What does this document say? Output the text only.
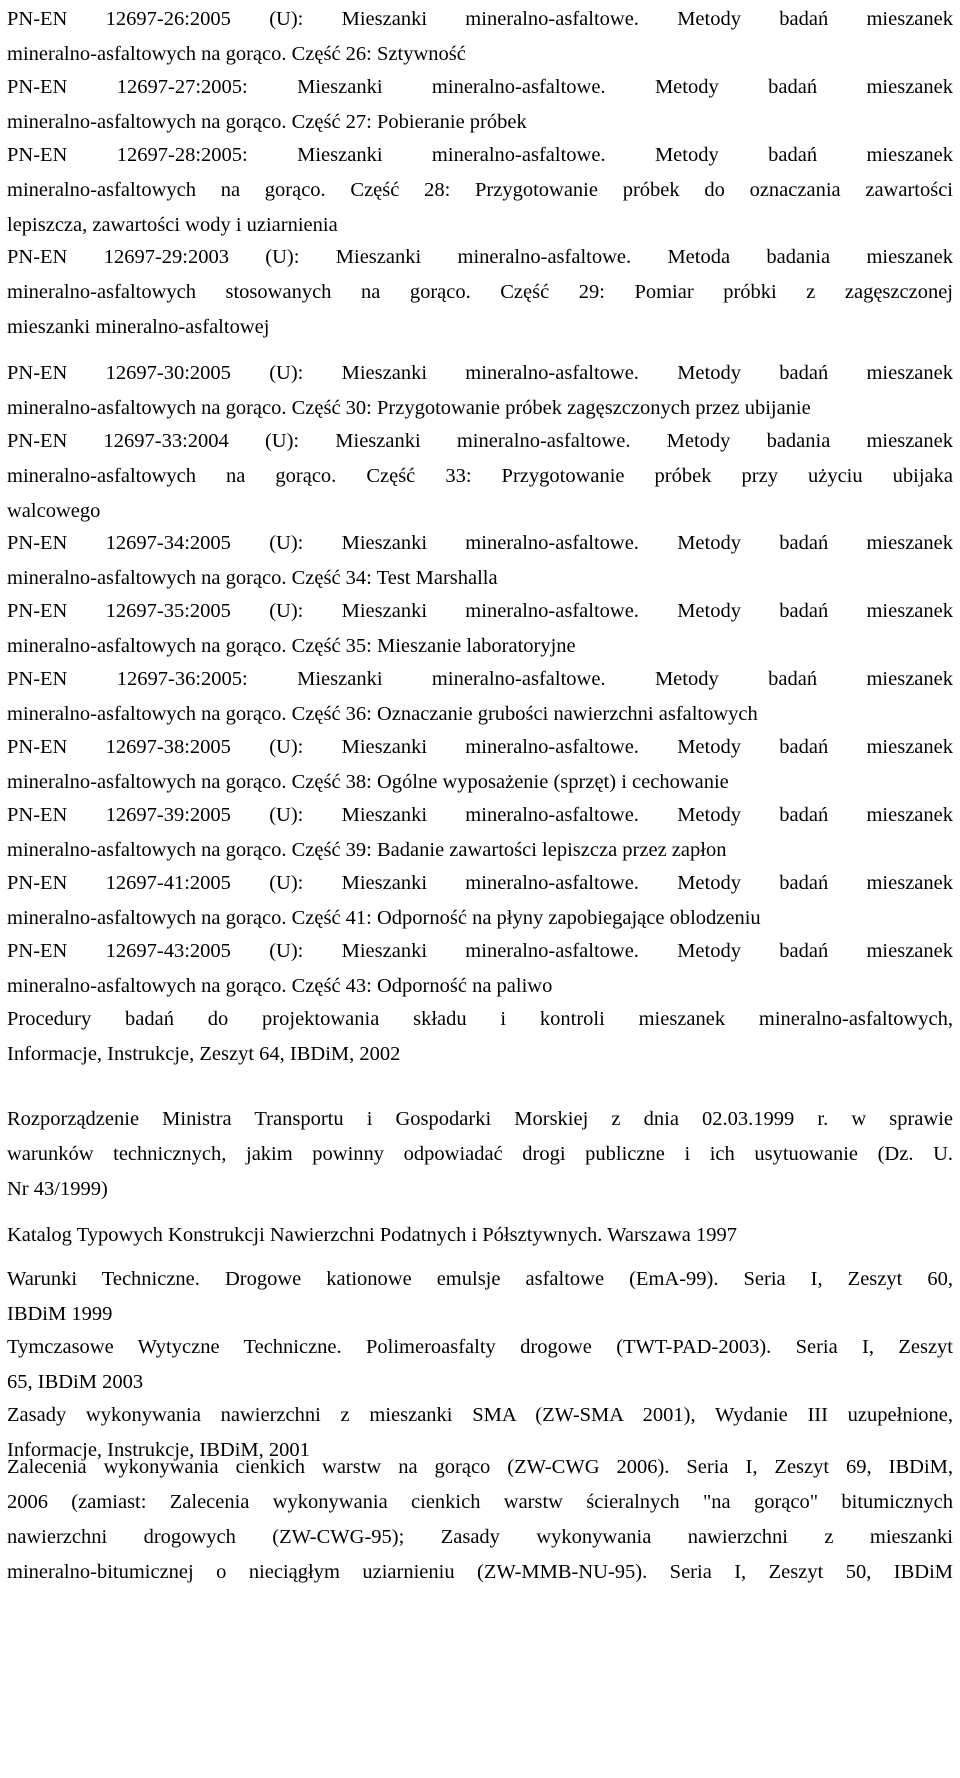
PN-EN 12697-26:2005 (U): Mieszanki mineralno-asfaltowe. Metody badań mieszanek
mineralno-asfaltowych na gorąco. Część 26: Sztywność
PN-EN 12697-27:2005: Mieszanki mineralno-asfaltowe. Metody badań mieszanek
mineralno-asfaltowych na gorąco. Część 27: Pobieranie próbek
PN-EN 12697-28:2005: Mieszanki mineralno-asfaltowe. Metody badań mieszanek
mineralno-asfaltowych na gorąco. Część 28: Przygotowanie próbek do oznaczania zawartości
lepiszcza, zawartości wody i uziarnienia
PN-EN 12697-29:2003 (U): Mieszanki mineralno-asfaltowe. Metoda badania mieszanek
mineralno-asfaltowych stosowanych na gorąco. Część 29: Pomiar próbki z zagęszczonej
mieszanki mineralno-asfaltowej
PN-EN 12697-30:2005 (U): Mieszanki mineralno-asfaltowe. Metody badań mieszanek
mineralno-asfaltowych na gorąco. Część 30: Przygotowanie próbek zagęszczonych przez ubijanie
PN-EN 12697-33:2004 (U): Mieszanki mineralno-asfaltowe. Metody badania mieszanek
mineralno-asfaltowych na gorąco. Część 33: Przygotowanie próbek przy użyciu ubijaka
walcowego
PN-EN 12697-34:2005 (U): Mieszanki mineralno-asfaltowe. Metody badań mieszanek
mineralno-asfaltowych na gorąco. Część 34: Test Marshalla
PN-EN 12697-35:2005 (U): Mieszanki mineralno-asfaltowe. Metody badań mieszanek
mineralno-asfaltowych na gorąco. Część 35: Mieszanie laboratoryjne
PN-EN 12697-36:2005: Mieszanki mineralno-asfaltowe. Metody badań mieszanek
mineralno-asfaltowych na gorąco. Część 36: Oznaczanie grubości nawierzchni asfaltowych
PN-EN 12697-38:2005 (U): Mieszanki mineralno-asfaltowe. Metody badań mieszanek
mineralno-asfaltowych na gorąco. Część 38: Ogólne wyposażenie (sprzęt) i cechowanie
PN-EN 12697-39:2005 (U): Mieszanki mineralno-asfaltowe. Metody badań mieszanek
mineralno-asfaltowych na gorąco. Część 39: Badanie zawartości lepiszcza przez zapłon
PN-EN 12697-41:2005 (U): Mieszanki mineralno-asfaltowe. Metody badań mieszanek
mineralno-asfaltowych na gorąco. Część 41: Odporność na płyny zapobiegające oblodzeniu
PN-EN 12697-43:2005 (U): Mieszanki mineralno-asfaltowe. Metody badań mieszanek
mineralno-asfaltowych na gorąco. Część 43: Odporność na paliwo
Procedury badań do projektowania składu i kontroli mieszanek mineralno-asfaltowych,
Informacje, Instrukcje, Zeszyt 64, IBDiM, 2002
Rozporządzenie Ministra Transportu i Gospodarki Morskiej z dnia 02.03.1999 r. w sprawie
warunków technicznych, jakim powinny odpowiadać drogi publiczne i ich usytuowanie (Dz. U.
Nr 43/1999)
Katalog Typowych Konstrukcji Nawierzchni Podatnych i Półsztywnych. Warszawa 1997
Warunki Techniczne. Drogowe kationowe emulsje asfaltowe (EmA-99). Seria I, Zeszyt 60,
IBDiM 1999
Tymczasowe Wytyczne Techniczne. Polimeroasfalty drogowe (TWT-PAD-2003). Seria I, Zeszyt
65, IBDiM 2003
Zasady wykonywania nawierzchni z mieszanki SMA (ZW-SMA 2001), Wydanie III uzupełnione,
Informacje, Instrukcje, IBDiM, 2001
Zalecenia wykonywania cienkich warstw na gorąco (ZW-CWG 2006). Seria I, Zeszyt 69, IBDiM,
2006 (zamiast: Zalecenia wykonywania cienkich warstw ścieralnych "na gorąco" bitumicznych
nawierzchni drogowych (ZW-CWG-95); Zasady wykonywania nawierzchni z mieszanki
mineralno-bitumicznej o nieciągłym uziarnieniu (ZW-MMB-NU-95). Seria I, Zeszyt 50, IBDiM
